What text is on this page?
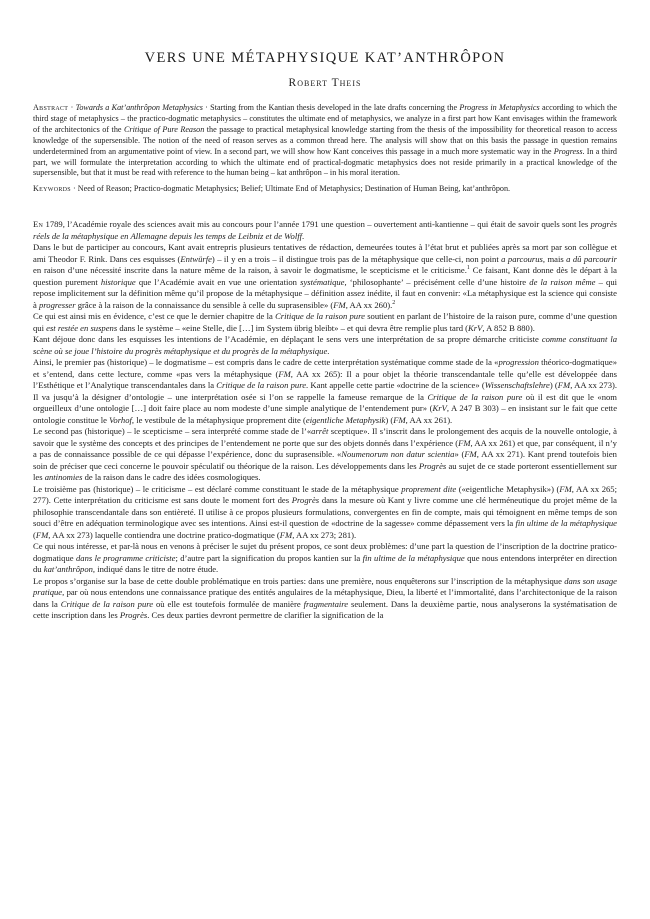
VERS UNE MÉTAPHYSIQUE KAT’ANTHRÔPON
Robert Theis

Abstract · Towards a Kat’anthrôpon Metaphysics · Starting from the Kantian thesis developed in the late drafts concerning the Progress in Metaphysics according to which the third stage of metaphysics – the practico-dogmatic metaphysics – constitutes the ultimate end of metaphysics, we analyze in a first part how Kant envisages within the framework of the architectonics of the Critique of Pure Reason the passage to practical metaphysical knowledge starting from the thesis of the impossibility for theoretical reason to access knowledge of the supersensible. The notion of the need of reason serves as a common thread here. The analysis will show that on this basis the passage in question remains underdetermined from an argumentative point of view. In a second part, we will show how Kant conceives this passage in a much more systematic way in the Progress. In a third part, we will formulate the interpretation according to which the ultimate end of practical-dogmatic metaphysics does not reside primarily in a practical knowledge of the supersensible, but that it must be read with reference to the human being – kat anthrôpon – in his moral iteration.

Keywords · Need of Reason; Practico-dogmatic Metaphysics; Belief; Ultimate End of Metaphysics; Destination of Human Being, kat’anthrôpon.

En 1789, l’Académie royale des sciences avait mis au concours pour l’année 1791 une question – ouvertement anti-kantienne – qui était de savoir quels sont les progrès réels de la métaphysique en Allemagne depuis les temps de Leibniz et de Wolff.

Dans le but de participer au concours, Kant avait entrepris plusieurs tentatives de rédaction, demeurées toutes à l’état brut et publiées après sa mort par son collègue et ami Theodor F. Rink. Dans ces esquisses (Entwürfe) – il y en a trois – il distingue trois pas de la métaphysique que celle-ci, non point a parcourus, mais a dû parcourir en raison d’une nécessité inscrite dans la nature même de la raison, à savoir le dogmatisme, le scepticisme et le criticisme.$^1$ Ce faisant, Kant donne dès le départ à la question purement historique que l’Académie avait en vue une orientation systématique, ‘philosophante’ – précisément celle d’une histoire de la raison même – qui repose implicitement sur la définition même qu’il propose de la métaphysique – définition assez inédite, il faut en convenir: «La métaphysique est la science qui consiste à progresser grâce à la raison de la connaissance du sensible à celle du suprasensible» (FM, AA xx 260).$^2$

Ce qui est ainsi mis en évidence, c’est ce que le dernier chapitre de la Critique de la raison pure soutient en parlant de l’histoire de la raison pure, comme d’une question qui est restée en suspens dans le système – «eine Stelle, die […] im System übrig bleibt» – et qui devra être remplie plus tard (KrV, A 852 B 880).

Kant déjoue donc dans les esquisses les intentions de l’Académie, en déplaçant le sens vers une interprétation de sa propre démarche criticiste comme constituant la scène où se joue l’histoire du progrès métaphysique et du progrès de la métaphysique.

Ainsi, le premier pas (historique) – le dogmatisme – est compris dans le cadre de cette interprétation systématique comme stade de la «progression théorico-dogmatique» et s’entend, dans cette lecture, comme «pas vers la métaphysique (FM, AA xx 265): Il a pour objet la théorie transcendantale telle qu’elle est développée dans l’Esthétique et l’Analytique transcendantales dans la Critique de la raison pure. Kant appelle cette partie «doctrine de la science» (Wissenschaftslehre) (FM, AA xx 273). Il va jusqu’à la désigner d’ontologie – une interprétation osée si l’on se rappelle la fameuse remarque de la Critique de la raison pure où il est dit que le «nom orgueilleux d’une ontologie […] doit faire place au nom modeste d’une simple analytique de l’entendement pur» (KrV, A 247 B 303) – en insistant sur le fait que cette ontologie constitue le Vorhof, le vestibule de la métaphysique proprement dite (eigentliche Metaphysik) (FM, AA xx 261).

Le second pas (historique) – le scepticisme – sera interprété comme stade de l’«arrêt sceptique». Il s’inscrit dans le prolongement des acquis de la nouvelle ontologie, à savoir que le système des concepts et des principes de l’entendement ne porte que sur des objets donnés dans l’expérience (FM, AA xx 261) et que, par conséquent, il n’y a pas de connaissance possible de ce qui dépasse l’expérience, donc du suprasensible. «Noumenorum non datur scientia» (FM, AA xx 271). Kant prend toutefois bien soin de préciser que ceci concerne le pouvoir spéculatif ou théorique de la raison. Les développements dans les Progrès au sujet de ce stade porteront essentiellement sur les antinomies de la raison dans le cadre des idées cosmologiques.

Le troisième pas (historique) – le criticisme – est déclaré comme constituant le stade de la métaphysique proprement dite («eigentliche Metaphysik») (FM, AA xx 265; 277). Cette interprétation du criticisme est sans doute le moment fort des Progrès dans la mesure où Kant y livre comme une clé herméneutique du projet même de la philosophie transcendantale dans son entièreté. Il utilise à ce propos plusieurs formulations, convergentes en fin de compte, mais qui témoignent en même temps de son souci d’être en adéquation terminologique avec ses intentions. Ainsi est-il question de «doctrine de la sagesse» comme dépassement vers la fin ultime de la métaphysique (FM, AA xx 273) laquelle contiendra une doctrine pratico-dogmatique (FM, AA xx 273; 281).

Ce qui nous intéresse, et par-là nous en venons à préciser le sujet du présent propos, ce sont deux problèmes: d’une part la question de l’inscription de la doctrine pratico-dogmatique dans le programme criticiste; d’autre part la signification du propos kantien sur la fin ultime de la métaphysique que nous entendons interpréter en direction du kat’anthrôpon, indiqué dans le titre de notre étude.

Le propos s’organise sur la base de cette double problématique en trois parties: dans une première, nous enquêterons sur l’inscription de la métaphysique dans son usage pratique, par où nous entendons une connaissance pratique des entités angulaires de la métaphysique, Dieu, la liberté et l’immortalité, dans l’architectonique de la raison dans la Critique de la raison pure où elle est toutefois formulée de manière fragmentaire seulement. Dans la deuxième partie, nous analyserons la systématisation de cette inscription dans les Progrès. Ces deux parties devront permettre de clarifier la signification de la
